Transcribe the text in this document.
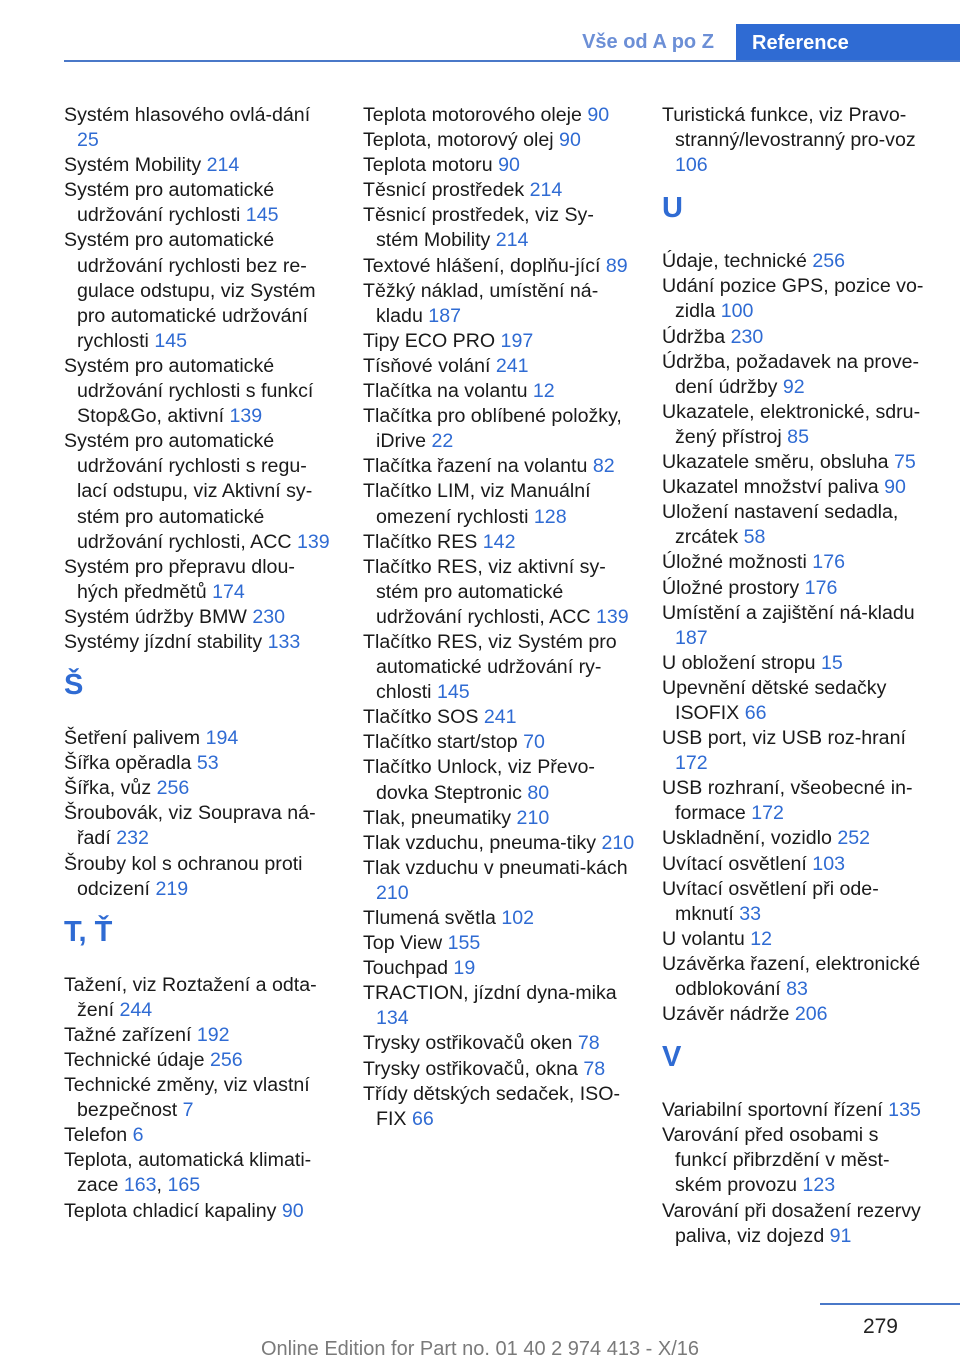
Vše od A po Z	Reference
Systém hlasového ovlá‐dání 25
Systém Mobility 214
Systém pro automatické udržování rychlosti 145
Systém pro automatické udržování rychlosti bez re‐gulace odstupu, viz Systém pro automatické udržování rychlosti 145
Systém pro automatické udržování rychlosti s funkcí Stop&Go, aktivní 139
Systém pro automatické udržování rychlosti s regu‐lací odstupu, viz Aktivní sy‐stém pro automatické udržování rychlosti, ACC 139
Systém pro přepravu dlou‐hých předmětů 174
Systém údržby BMW 230
Systémy jízdní stability 133
Š
Šetření palivem 194
Šířka opěradla 53
Šířka, vůz 256
Šroubovák, viz Souprava ná‐řadí 232
Šrouby kol s ochranou proti odcizení 219
T, Ť
Tažení, viz Roztažení a odta‐žení 244
Tažné zařízení 192
Technické údaje 256
Technické změny, viz vlastní bezpečnost 7
Telefon 6
Teplota, automatická klimati‐zace 163, 165
Teplota chladicí kapaliny 90
Teplota motorového oleje 90
Teplota, motorový olej 90
Teplota motoru 90
Těsnicí prostředek 214
Těsnicí prostředek, viz Sy‐stém Mobility 214
Textové hlášení, doplňu‐jící 89
Těžký náklad, umístění ná‐kladu 187
Tipy ECO PRO 197
Tísňové volání 241
Tlačítka na volantu 12
Tlačítka pro oblíbené položky, iDrive 22
Tlačítka řazení na volantu 82
Tlačítko LIM, viz Manuální omezení rychlosti 128
Tlačítko RES 142
Tlačítko RES, viz aktivní sy‐stém pro automatické udržování rychlosti, ACC 139
Tlačítko RES, viz Systém pro automatické udržování ry‐chlosti 145
Tlačítko SOS 241
Tlačítko start/stop 70
Tlačítko Unlock, viz Převo‐dovka Steptronic 80
Tlak, pneumatiky 210
Tlak vzduchu, pneuma‐tiky 210
Tlak vzduchu v pneumati‐kách 210
Tlumená světla 102
Top View 155
Touchpad 19
TRACTION, jízdní dyna‐mika 134
Trysky ostřikovačů oken 78
Trysky ostřikovačů, okna 78
Třídy dětských sedaček, ISO‐FIX 66
Turistická funkce, viz Pravo‐stranný/levostranný pro‐voz 106
U
Údaje, technické 256
Udání pozice GPS, pozice vo‐zidla 100
Údržba 230
Údržba, požadavek na prove‐dení údržby 92
Ukazatele, elektronické, sdru‐žený přístroj 85
Ukazatele směru, obsluha 75
Ukazatel množství paliva 90
Uložení nastavení sedadla, zrcátek 58
Úložné možnosti 176
Úložné prostory 176
Umístění a zajištění ná‐kladu 187
U obložení stropu 15
Upevnění dětské sedačky ISOFIX 66
USB port, viz USB roz‐hraní 172
USB rozhraní, všeobecné in‐formace 172
Uskladnění, vozidlo 252
Uvítací osvětlení 103
Uvítací osvětlení při ode‐mknutí 33
U volantu 12
Uzávěrka řazení, elektronické odblokování 83
Uzávěr nádrže 206
V
Variabilní sportovní řízení 135
Varování před osobami s funkcí přibrzdění v měst‐ském provozu 123
Varování při dosažení rezervy paliva, viz dojezd 91
279
Online Edition for Part no. 01 40 2 974 413 - X/16
